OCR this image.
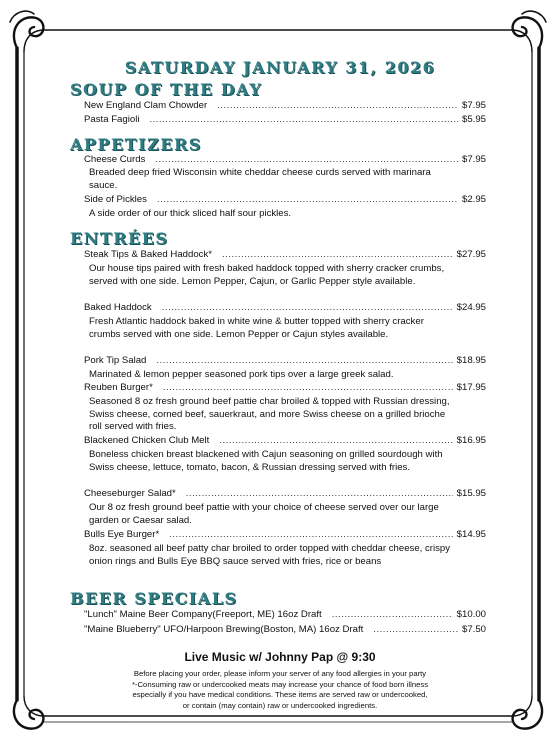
SATURDAY JANUARY 31, 2026
SOUP OF THE DAY
New England Clam Chowder .....	$7.95
Pasta Fagioli .....	$5.95
APPETIZERS
Cheese Curds .....	$7.95
Breaded deep fried Wisconsin white cheddar cheese curds served with marinara sauce.
Side of Pickles .....	$2.95
A side order of our thick sliced half sour pickles.
ENTRÉES
Steak Tips & Baked Haddock* .....	$27.95
Our house tips paired with fresh baked haddock topped with sherry cracker crumbs, served with one side. Lemon Pepper, Cajun, or Garlic Pepper style available.
Baked Haddock .....	$24.95
Fresh Atlantic haddock baked in white wine & butter topped with sherry cracker crumbs served with one side. Lemon Pepper or Cajun styles available.
Pork Tip Salad .....	$18.95
Marinated & lemon pepper seasoned pork tips over a large greek salad.
Reuben Burger* .....	$17.95
Seasoned 8 oz fresh ground beef pattie char broiled & topped with Russian dressing, Swiss cheese, corned beef, sauerkraut, and more Swiss cheese on a grilled brioche roll served with fries.
Blackened Chicken Club Melt .....	$16.95
Boneless chicken breast blackened with Cajun seasoning on grilled sourdough with Swiss cheese, lettuce, tomato, bacon, & Russian dressing served with fries.
Cheeseburger Salad* .....	$15.95
Our 8 oz fresh ground beef pattie with your choice of cheese served over our large garden or Caesar salad.
Bulls Eye Burger* .....	$14.95
8oz. seasoned all beef patty char broiled to order topped with cheddar cheese, crispy onion rings and Bulls Eye BBQ sauce served with fries, rice or beans
BEER SPECIALS
"Lunch" Maine Beer Company(Freeport, ME) 16oz Draft .....	$10.00
"Maine Blueberry" UFO/Harpoon Brewing(Boston, MA) 16oz Draft .....	$7.50
Live Music w/ Johnny Pap @ 9:30
Before placing your order, please inform your server of any food allergies in your party
*-Consuming raw or undercooked meats may increase your chance of food born illness
especially if you have medical conditions. These items are served raw or undercooked,
or contain (may contain) raw or undercooked ingredients.
